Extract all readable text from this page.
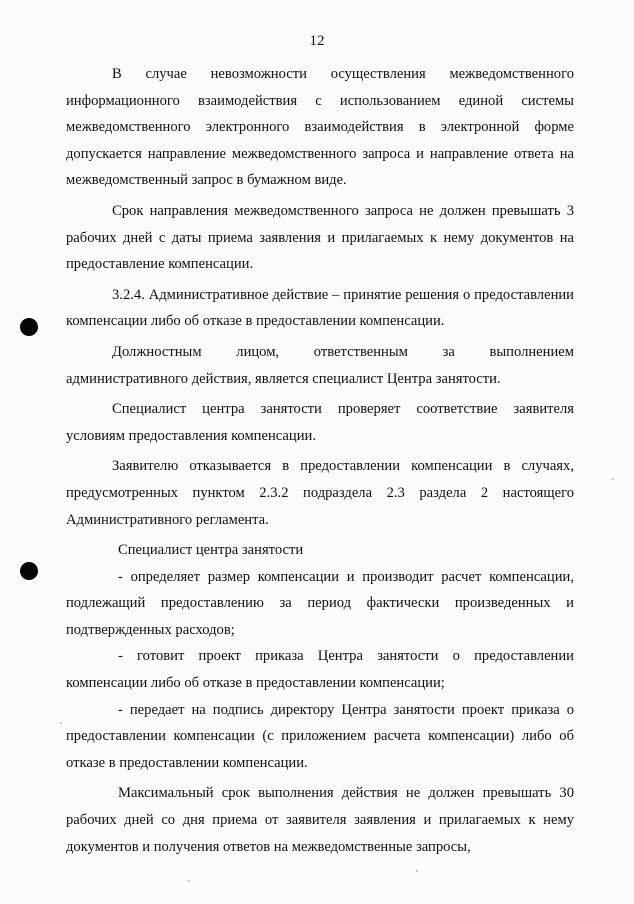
12

В случае невозможности осуществления межведомственного информационного взаимодействия с использованием единой системы межведомственного электронного взаимодействия в электронной форме допускается направление межведомственного запроса и направление ответа на межведомственный запрос в бумажном виде.

Срок направления межведомственного запроса не должен превышать 3 рабочих дней с даты приема заявления и прилагаемых к нему документов на предоставление компенсации.

3.2.4. Административное действие – принятие решения о предоставлении компенсации либо об отказе в предоставлении компенсации.

Должностным лицом, ответственным за выполнением административного действия, является специалист Центра занятости.

Специалист центра занятости проверяет соответствие заявителя условиям предоставления компенсации.

Заявителю отказывается в предоставлении компенсации в случаях, предусмотренных пунктом 2.3.2 подраздела 2.3 раздела 2 настоящего Административного регламента.

Специалист центра занятости

- определяет размер компенсации и производит расчет компенсации, подлежащий предоставлению за период фактически произведенных и подтвержденных расходов;

- готовит проект приказа Центра занятости о предоставлении компенсации либо об отказе в предоставлении компенсации;

- передает на подпись директору Центра занятости проект приказа о предоставлении компенсации (с приложением расчета компенсации) либо об отказе в предоставлении компенсации.

Максимальный срок выполнения действия не должен превышать 30 рабочих дней со дня приема от заявителя заявления и прилагаемых к нему документов и получения ответов на межведомственные запросы,
